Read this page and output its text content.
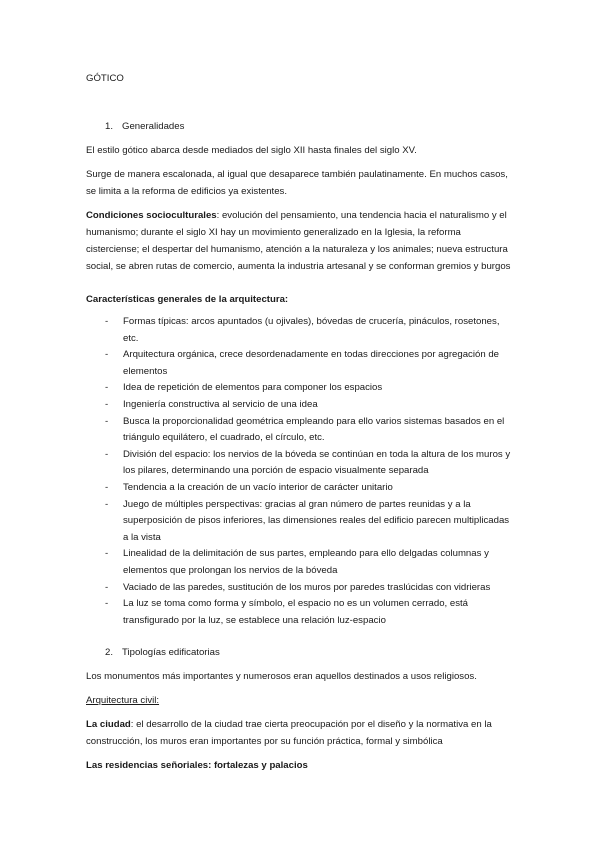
GÓTICO

1. Generalidades

El estilo gótico abarca desde mediados del siglo XII hasta finales del siglo XV.

Surge de manera escalonada, al igual que desaparece también paulatinamente. En muchos casos, se limita a la reforma de edificios ya existentes.

Condiciones socioculturales: evolución del pensamiento, una tendencia hacia el naturalismo y el humanismo; durante el siglo XI hay un movimiento generalizado en la Iglesia, la reforma cisterciense; el despertar del humanismo, atención a la naturaleza y los animales; nueva estructura social, se abren rutas de comercio, aumenta la industria artesanal y se conforman gremios y burgos

Características generales de la arquitectura:

- Formas típicas: arcos apuntados (u ojivales), bóvedas de crucería, pináculos, rosetones, etc.
- Arquitectura orgánica, crece desordenadamente en todas direcciones por agregación de elementos
- Idea de repetición de elementos para componer los espacios
- Ingeniería constructiva al servicio de una idea
- Busca la proporcionalidad geométrica empleando para ello varios sistemas basados en el triángulo equilátero, el cuadrado, el círculo, etc.
- División del espacio: los nervios de la bóveda se continúan en toda la altura de los muros y los pilares, determinando una porción de espacio visualmente separada
- Tendencia a la creación de un vacío interior de carácter unitario
- Juego de múltiples perspectivas: gracias al gran número de partes reunidas y a la superposición de pisos inferiores, las dimensiones reales del edificio parecen multiplicadas a la vista
- Linealidad de la delimitación de sus partes, empleando para ello delgadas columnas y elementos que prolongan los nervios de la bóveda
- Vaciado de las paredes, sustitución de los muros por paredes traslúcidas con vidrieras
- La luz se toma como forma y símbolo, el espacio no es un volumen cerrado, está transfigurado por la luz, se establece una relación luz-espacio

2. Tipologías edificatorias

Los monumentos más importantes y numerosos eran aquellos destinados a usos religiosos.

Arquitectura civil:

La ciudad: el desarrollo de la ciudad trae cierta preocupación por el diseño y la normativa en la construcción, los muros eran importantes por su función práctica, formal y simbólica

Las residencias señoriales: fortalezas y palacios
